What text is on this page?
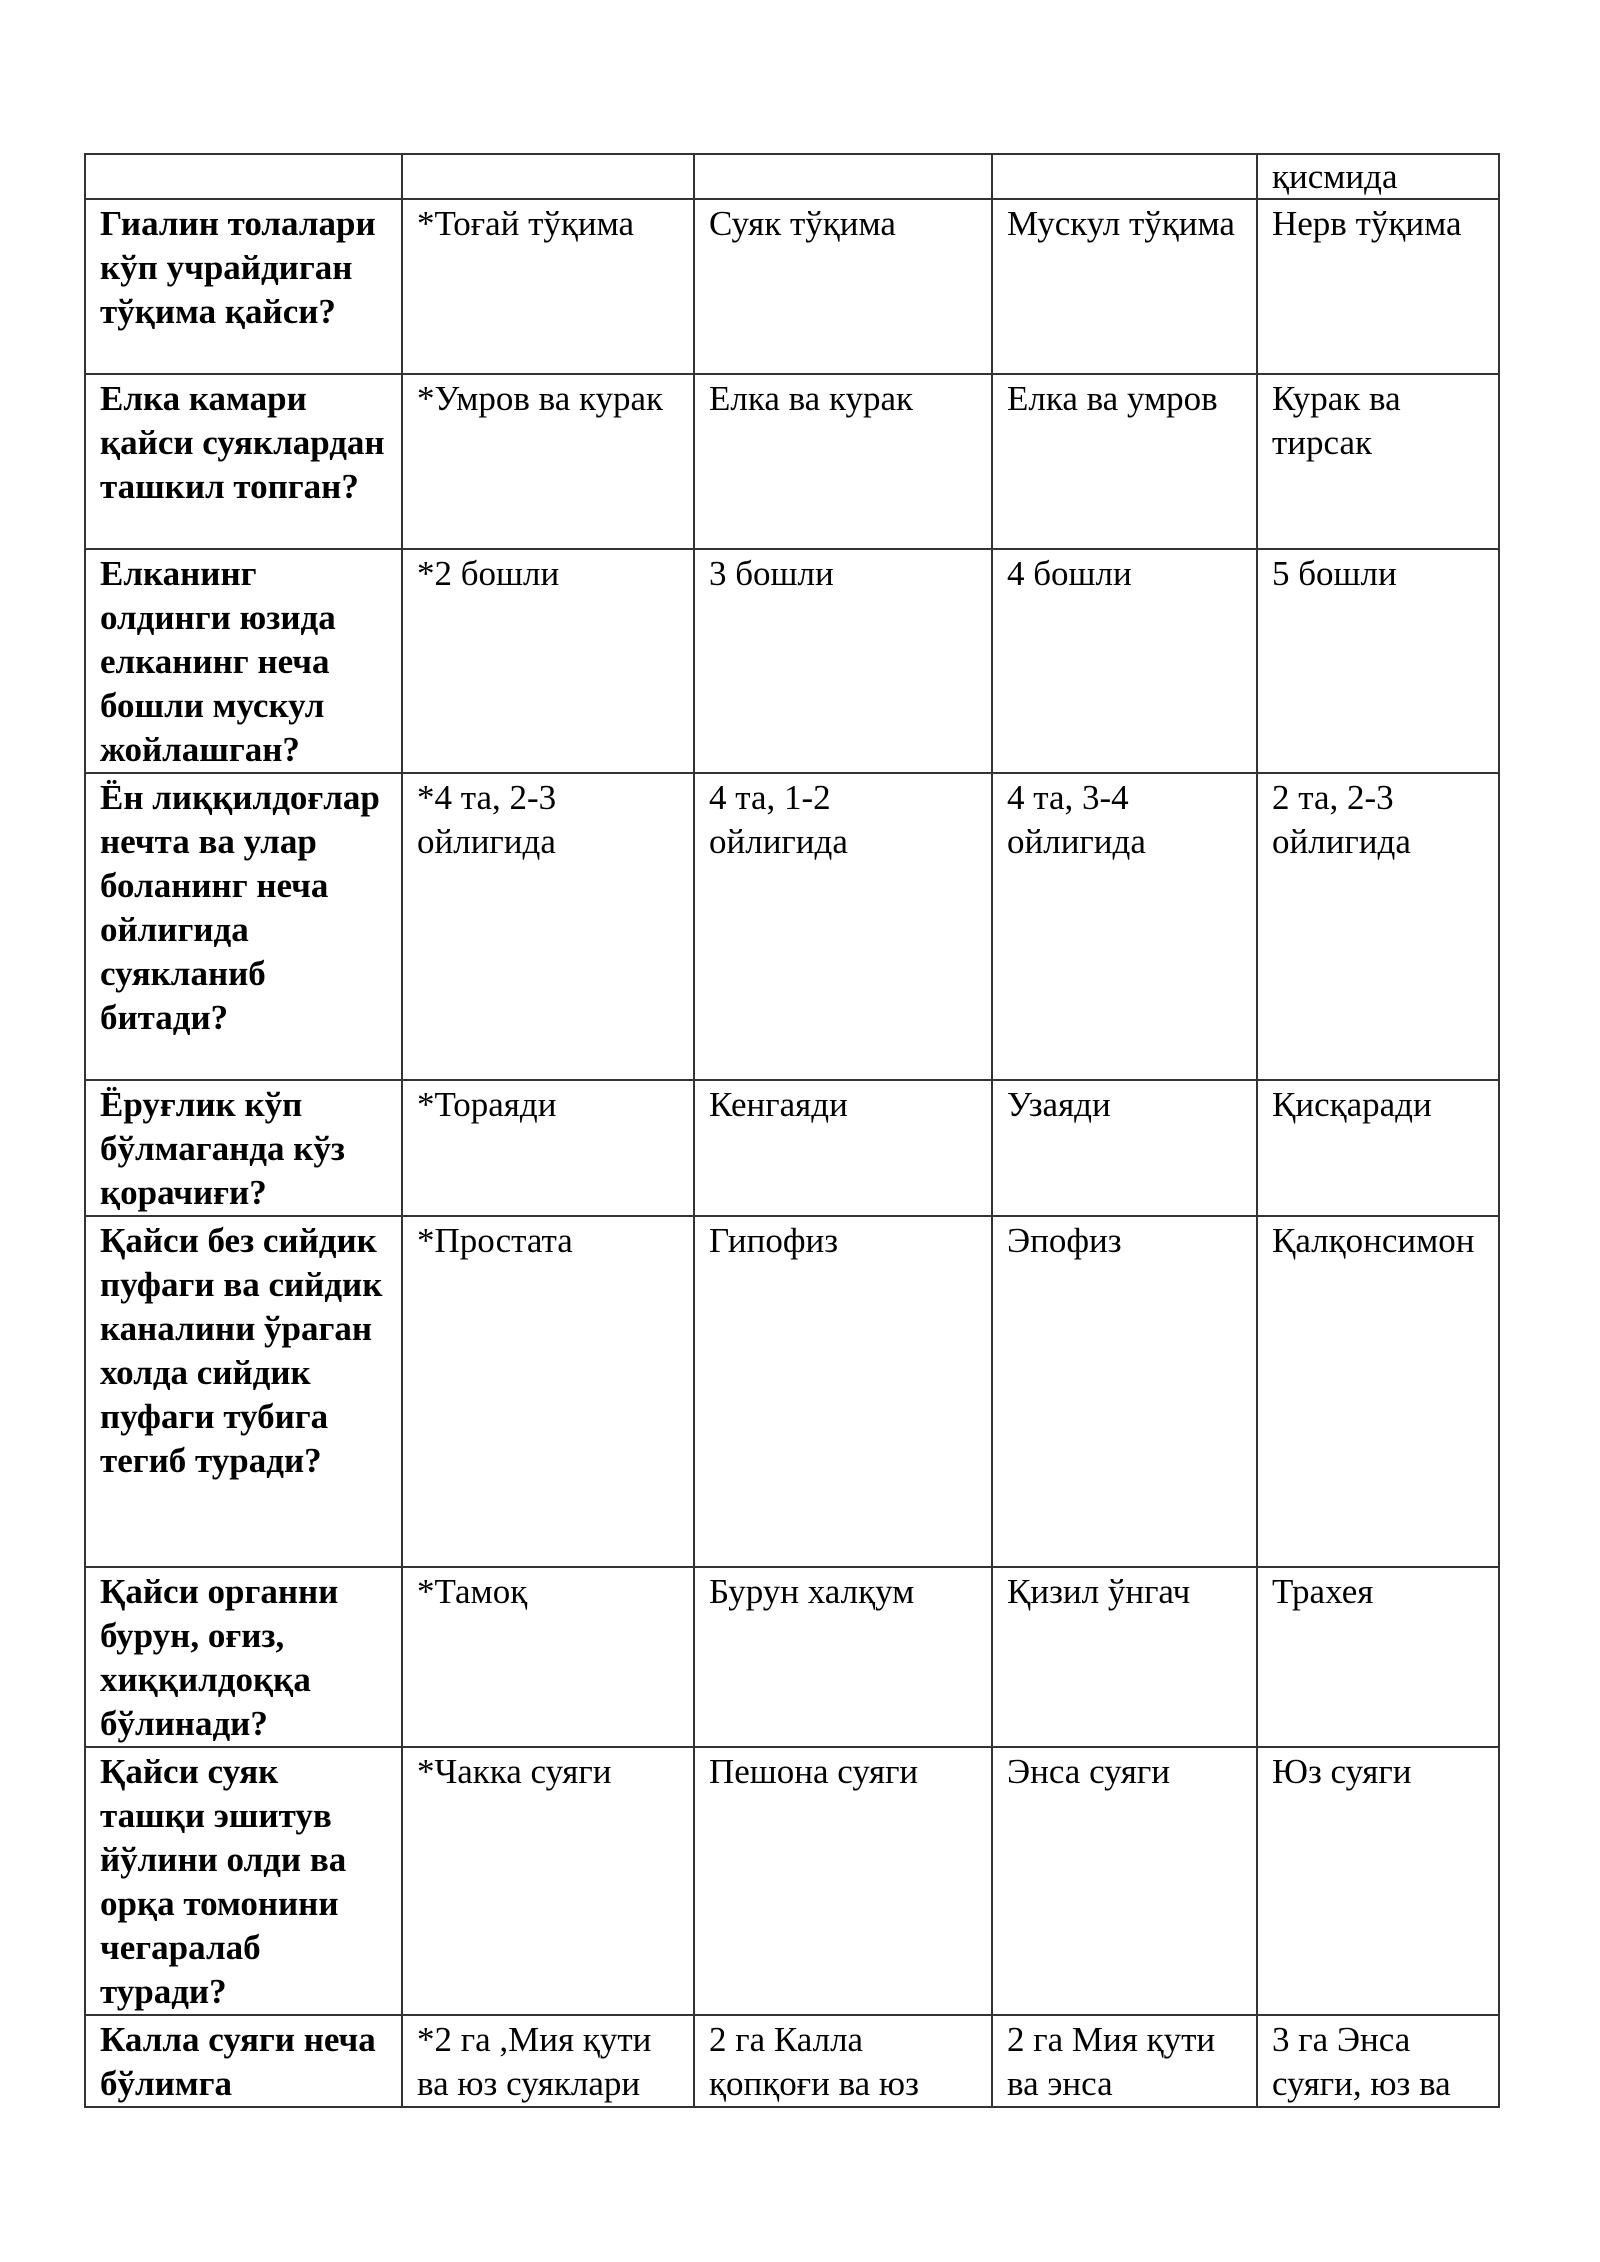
				қисмида
Гиалин толалари кўп учрайдиган тўқима қайси?	*Тоғай тўқима	Суяк тўқима	Мускул тўқима	Нерв тўқима
Елка камари қайси суяклардан ташкил топган?	*Умров ва курак	Елка ва курак	Елка ва умров	Курак ва тирсак
Елканинг олдинги юзида елканинг неча бошли мускул жойлашган?	*2 бошли	3 бошли	4 бошли	5 бошли
Ён лиққилдоғлар нечта ва улар боланинг неча ойлигида суякланиб битади?	*4 та, 2-3 ойлигида	4 та, 1-2 ойлигида	4 та, 3-4 ойлигида	2 та, 2-3 ойлигида
Ёруғлик кўп бўлмаганда кўз қорачиғи?	*Тораяди	Кенгаяди	Узаяди	Қисқаради
Қайси без сийдик пуфаги ва сийдик каналини ўраган холда сийдик пуфаги тубига тегиб туради?	*Простата	Гипофиз	Эпофиз	Қалқонсимон
Қайси органни бурун, оғиз, хиққилдоққа бўлинади?	*Тамоқ	Бурун халқум	Қизил ўнгач	Трахея
Қайси суяк ташқи эшитув йўлини олди ва орқа томонини чегаралаб туради?	*Чакка суяги	Пешона суяги	Энса суяги	Юз суяги
Калла суяги неча бўлимга	*2 га ,Мия қути ва юз суяклари	2 га Калла қопқоғи ва юз	2 га Мия қути ва энса	3 га Энса суяги, юз ва
